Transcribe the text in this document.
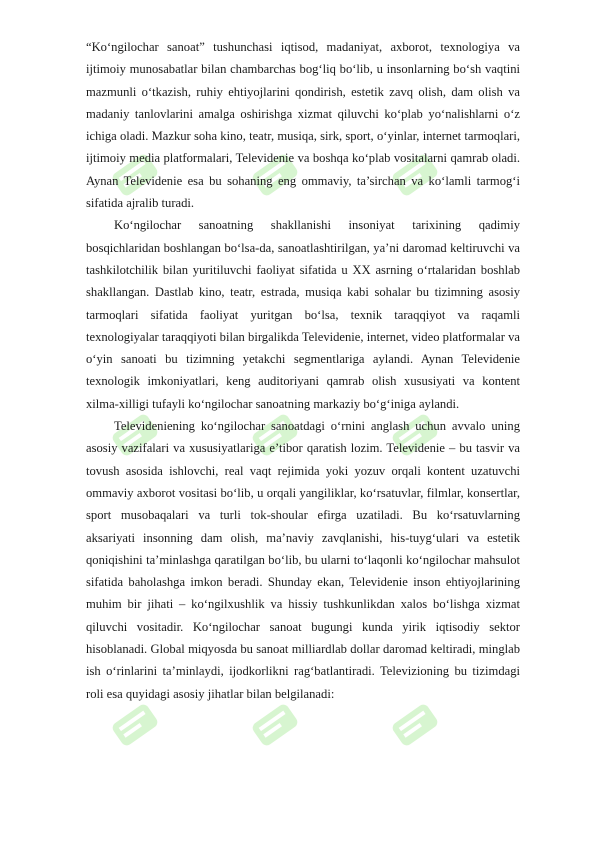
“Ko‘ngilochar sanoat” tushunchasi iqtisod, madaniyat, axborot, texnologiya va ijtimoiy munosabatlar bilan chambarchas bog‘liq bo‘lib, u insonlarning bo‘sh vaqtini mazmunli o‘tkazish, ruhiy ehtiyojlarini qondirish, estetik zavq olish, dam olish va madaniy tanlovlarini amalga oshirishga xizmat qiluvchi ko‘plab yo‘nalishlarni o‘z ichiga oladi. Mazkur soha kino, teatr, musiqa, sirk, sport, o‘yinlar, internet tarmoqlari, ijtimoiy media platformalari, Televidenie va boshqa ko‘plab vositalarni qamrab oladi. Aynan Televidenie esa bu sohaning eng ommaviy, ta’sirchan va ko‘lamli tarmog‘i sifatida ajralib turadi.

Ko‘ngilochar sanoatning shakllanishi insoniyat tarixining qadimiy bosqichlaridan boshlangan bo‘lsa-da, sanoatlashtirilgan, ya’ni daromad keltiruvchi va tashkilotchilik bilan yuritiluvchi faoliyat sifatida u XX asrning o‘rtalaridan boshlab shakllangan. Dastlab kino, teatr, estrada, musiqa kabi sohalar bu tizimning asosiy tarmoqlari sifatida faoliyat yuritgan bo‘lsa, texnik taraqqiyot va raqamli texnologiyalar taraqqiyoti bilan birgalikda Televidenie, internet, video platformalar va o‘yin sanoati bu tizimning yetakchi segmentlariga aylandi. Aynan Televidenie texnologik imkoniyatlari, keng auditoriyani qamrab olish xususiyati va kontent xilma-xilligi tufayli ko‘ngilochar sanoatning markaziy bo‘g‘iniga aylandi.

Televideniening ko‘ngilochar sanoatdagi o‘rnini anglash uchun avvalo uning asosiy vazifalari va xususiyatlariga e’tibor qaratish lozim. Televidenie – bu tasvir va tovush asosida ishlovchi, real vaqt rejimida yoki yozuv orqali kontent uzatuvchi ommaviy axborot vositasi bo‘lib, u orqali yangiliklar, ko‘rsatuvlar, filmlar, konsertlar, sport musobaqalari va turli tok-shoular efirga uzatiladi. Bu ko‘rsatuvlarning aksariyati insonning dam olish, ma’naviy zavqlanishi, his-tuyg‘ulari va estetik qoniqishini ta’minlashga qaratilgan bo‘lib, bu ularni to‘laqonli ko‘ngilochar mahsulot sifatida baholashga imkon beradi. Shunday ekan, Televidenie inson ehtiyojlarining muhim bir jihati – ko‘ngilxushlik va hissiy tushkunlikdan xalos bo‘lishga xizmat qiluvchi vositadir. Ko‘ngilochar sanoat bugungi kunda yirik iqtisodiy sektor hisoblanadi. Global miqyosda bu sanoat milliardlab dollar daromad keltiradi, minglab ish o‘rinlarini ta’minlaydi, ijodkorlikni rag‘batlantiradi. Televizioning bu tizimdagi roli esa quyidagi asosiy jihatlar bilan belgilanadi:
